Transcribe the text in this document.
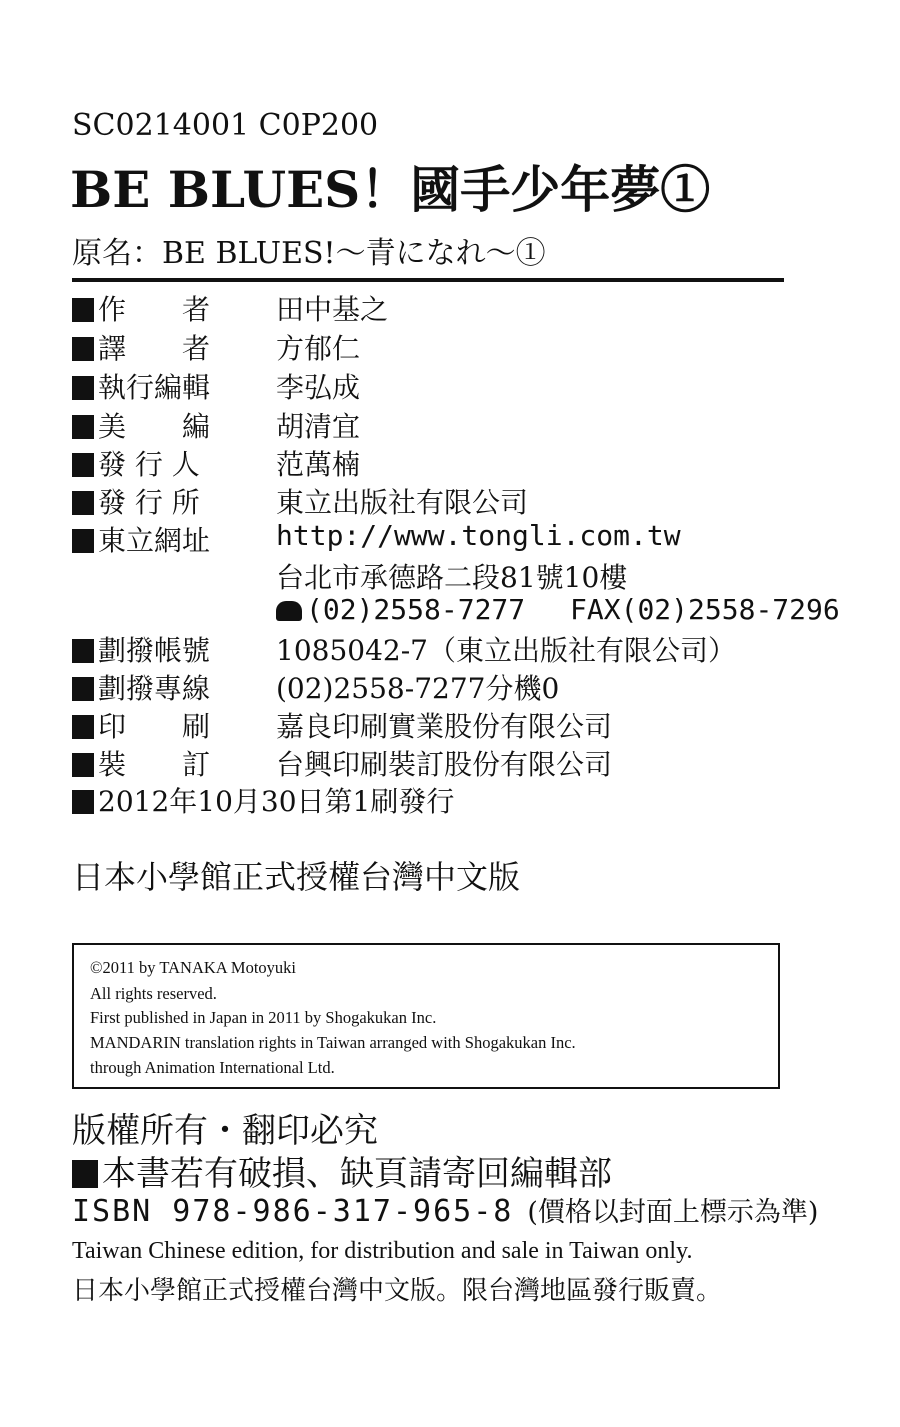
SC0214001 C0P200
BE BLUES！國手少年夢①
原名：BE BLUES!～青になれ～①
作　　者 田中基之
譯　　者 方郁仁
執行編輯 李弘成
美　　編 胡清宜
發 行 人	范萬楠
發 行 所	東立出版社有限公司
東立網址 http://www.tongli.com.tw
台北市承德路二段81號10樓
(02)2558-7277 FAX(02)2558-7296
劃撥帳號 1085042-7（東立出版社有限公司）
劃撥專線 (02)2558-7277分機0
印　　刷 嘉良印刷實業股份有限公司
裝　　訂 台興印刷裝訂股份有限公司
2012年10月30日第1刷發行
日本小學館正式授權台灣中文版
©2011 by TANAKA Motoyuki
All rights reserved.
First published in Japan in 2011 by Shogakukan Inc.
MANDARIN translation rights in Taiwan arranged with Shogakukan Inc.
through Animation International Ltd.
版權所有・翻印必究
本書若有破損、缺頁請寄回編輯部
ISBN 978-986-317-965-8 (價格以封面上標示為準)
Taiwan Chinese edition, for distribution and sale in Taiwan only.
日本小學館正式授權台灣中文版。限台灣地區發行販賣。
